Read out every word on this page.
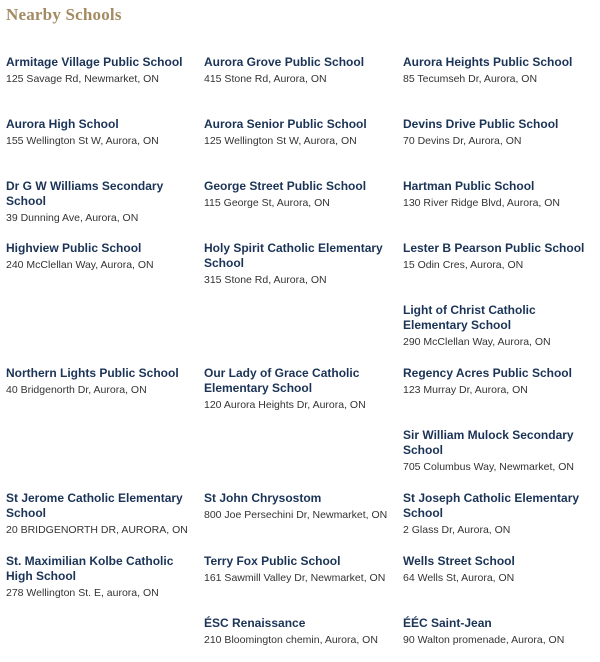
Nearby Schools
Armitage Village Public School
125 Savage Rd, Newmarket, ON
Aurora Grove Public School
415 Stone Rd, Aurora, ON
Aurora Heights Public School
85 Tecumseh Dr, Aurora, ON
Aurora High School
155 Wellington St W, Aurora, ON
Aurora Senior Public School
125 Wellington St W, Aurora, ON
Devins Drive Public School
70 Devins Dr, Aurora, ON
Dr G W Williams Secondary School
39 Dunning Ave, Aurora, ON
George Street Public School
115 George St, Aurora, ON
Hartman Public School
130 River Ridge Blvd, Aurora, ON
Highview Public School
240 McClellan Way, Aurora, ON
Holy Spirit Catholic Elementary School
315 Stone Rd, Aurora, ON
Lester B Pearson Public School
15 Odin Cres, Aurora, ON
Light of Christ Catholic Elementary School
290 McClellan Way, Aurora, ON
Northern Lights Public School
40 Bridgenorth Dr, Aurora, ON
Our Lady of Grace Catholic Elementary School
120 Aurora Heights Dr, Aurora, ON
Regency Acres Public School
123 Murray Dr, Aurora, ON
Sir William Mulock Secondary School
705 Columbus Way, Newmarket, ON
St Jerome Catholic Elementary School
20 BRIDGENORTH DR, AURORA, ON
St John Chrysostom
800 Joe Persechini Dr, Newmarket, ON
St Joseph Catholic Elementary School
2 Glass Dr, Aurora, ON
St. Maximilian Kolbe Catholic High School
278 Wellington St. E, aurora, ON
Terry Fox Public School
161 Sawmill Valley Dr, Newmarket, ON
Wells Street School
64 Wells St, Aurora, ON
ÉSC Renaissance
210 Bloomington chemin, Aurora, ON
ÉÉC Saint-Jean
90 Walton promenade, Aurora, ON
